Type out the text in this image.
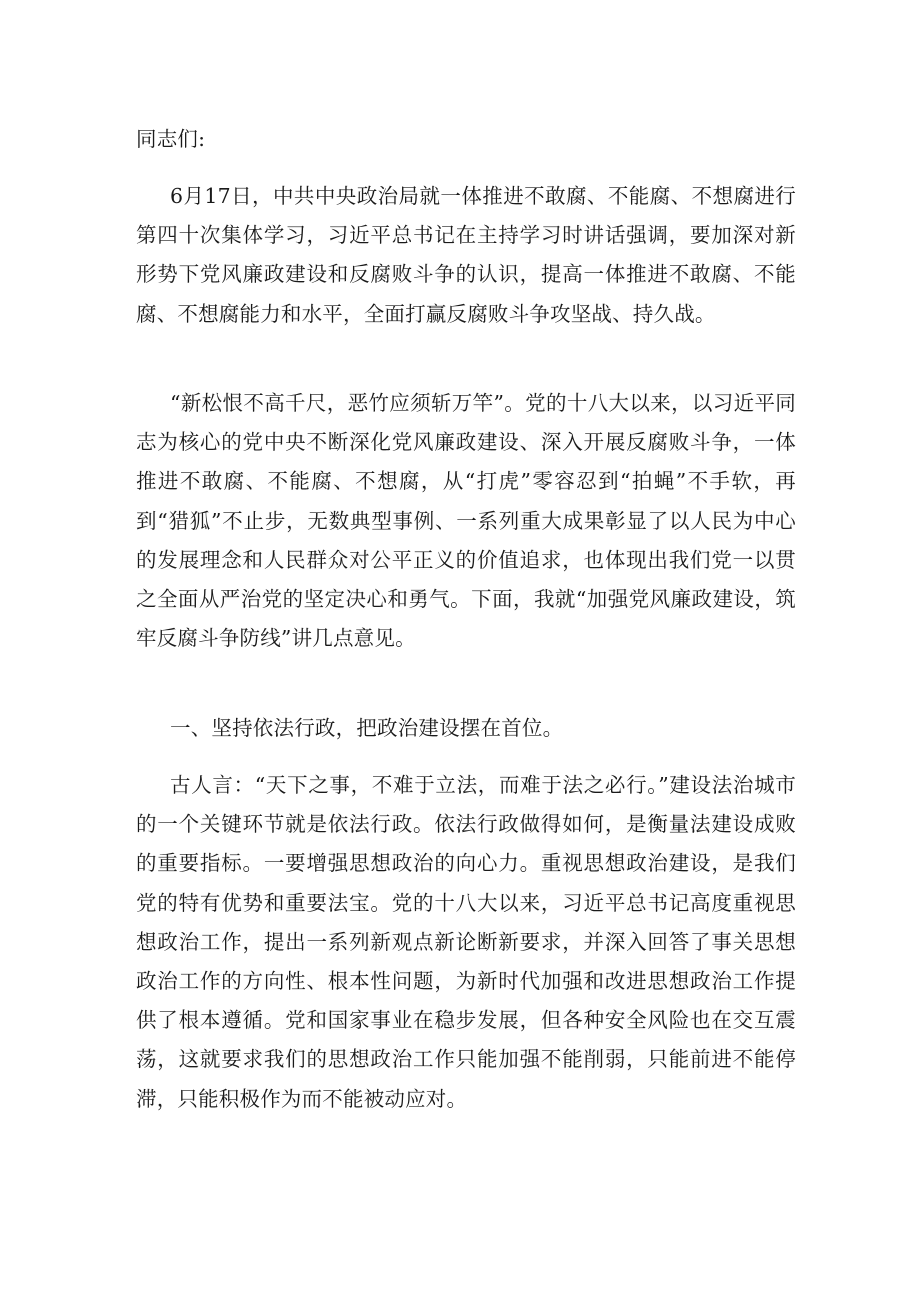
同志们:

6月17日，中共中央政治局就一体推进不敢腐、不能腐、不想腐进行第四十次集体学习，习近平总书记在主持学习时讲话强调，要加深对新形势下党风廉政建设和反腐败斗争的认识，提高一体推进不敢腐、不能腐、不想腐能力和水平，全面打赢反腐败斗争攻坚战、持久战。

“新松恨不高千尺，恶竹应须斩万竿”。党的十八大以来，以习近平同志为核心的党中央不断深化党风廉政建设、深入开展反腐败斗争，一体推进不敢腐、不能腐、不想腐，从“打虎”零容忍到“拍蝇”不手软，再到“猎狐”不止步，无数典型事例、一系列重大成果彰显了以人民为中心的发展理念和人民群众对公平正义的价值追求，也体现出我们党一以贯之全面从严治党的坚定决心和勇气。下面，我就“加强党风廉政建设，筑牢反腐斗争防线”讲几点意见。

一、坚持依法行政，把政治建设摆在首位。

古人言：“天下之事，不难于立法，而难于法之必行。”建设法治城市的一个关键环节就是依法行政。依法行政做得如何，是衡量法建设成败的重要指标。一要增强思想政治的向心力。重视思想政治建设，是我们党的特有优势和重要法宝。党的十八大以来，习近平总书记高度重视思想政治工作，提出一系列新观点新论断新要求，并深入回答了事关思想政治工作的方向性、根本性问题，为新时代加强和改进思想政治工作提供了根本遵循。党和国家事业在稳步发展，但各种安全风险也在交互震荡，这就要求我们的思想政治工作只能加强不能削弱，只能前进不能停滞，只能积极作为而不能被动应对。
